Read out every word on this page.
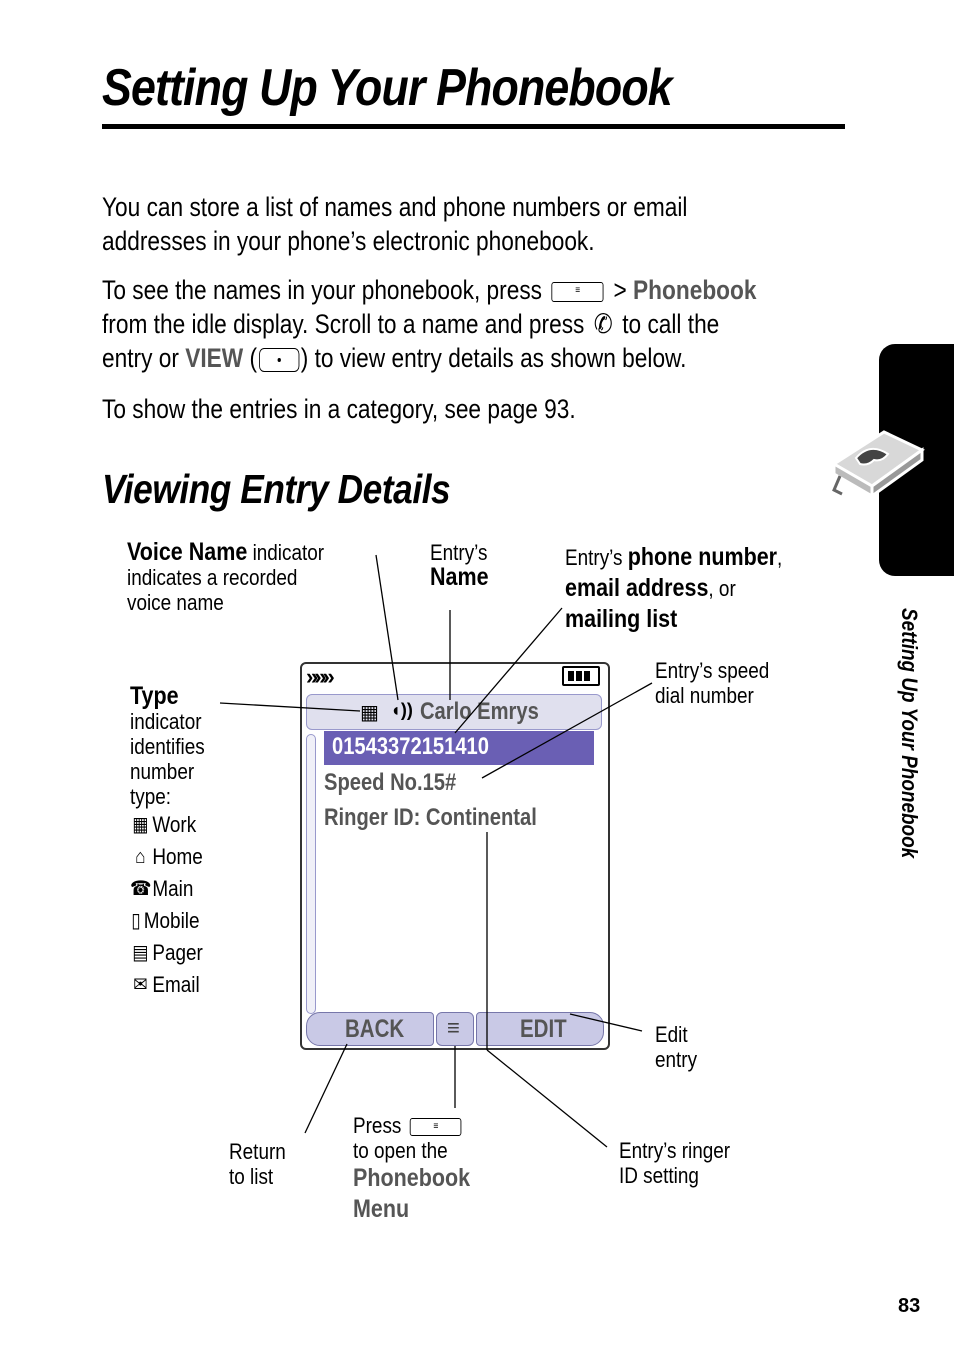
Setting Up Your Phonebook
You can store a list of names and phone numbers or email
addresses in your phone’s electronic phonebook.
To see the names in your phonebook, press	≡ > Phonebook
from the idle display. Scroll to a name and press ✆ to call the
entry or VIEW ( ) to view entry details as shown below.
To show the entries in a category, see page 93.
Viewing Entry Details
Setting Up Your Phonebook
83
Voice Name indicator
indicates a recorded
voice name
Entry’s
Name
Entry’s phone number,
email address, or
mailing list
Type
indicator
identifies
number
type:
▦ Work
⌂ Home
☎ Main
▯ Mobile
▤ Pager
✉ Email
Entry’s speed
dial number
Edit
entry
Return
to list
Press	≡
to open the
Phonebook
Menu
Entry’s ringer
ID setting
»»»
▦ ◖)) Carlo Emrys
01543372151410
Speed No.15#
Ringer ID: Continental
BACK	≡ EDIT
